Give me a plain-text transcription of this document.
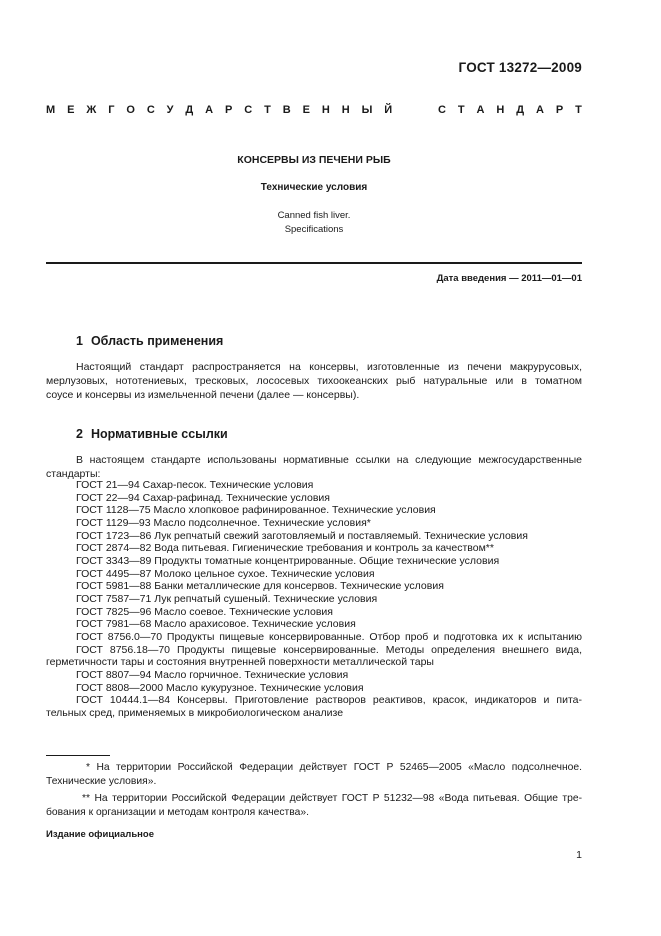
ГОСТ 13272—2009
М Е Ж Г О С У Д А Р С Т В Е Н Н Ы Й	С Т А Н Д А Р Т
КОНСЕРВЫ ИЗ ПЕЧЕНИ РЫБ
Технические условия
Canned fish liver.
Specifications
Дата введения — 2011—01—01
1 Область применения
Настоящий стандарт распространяется на консервы, изготовленные из печени макруpусовых,
мерлузовых, нототениевых, тресковых, лососевых тихоокеанских рыб натуральные или в томатном
соусе и консервы из измельченной печени (далее — консервы).
2 Нормативные ссылки
В настоящем стандарте использованы нормативные ссылки на следующие межгосударственные
стандарты:
ГОСТ 21—94 Сахар-песок. Технические условия
ГОСТ 22—94 Сахар-рафинад. Технические условия
ГОСТ 1128—75 Масло хлопковое рафинированное. Технические условия
ГОСТ 1129—93 Масло подсолнечное. Технические условия*
ГОСТ 1723—86 Лук репчатый свежий заготовляемый и поставляемый. Технические условия
ГОСТ 2874—82 Вода питьевая. Гигиенические требования и контроль за качеством**
ГОСТ 3343—89 Продукты томатные концентрированные. Общие технические условия
ГОСТ 4495—87 Молоко цельное сухое. Технические условия
ГОСТ 5981—88 Банки металлические для консервов. Технические условия
ГОСТ 7587—71 Лук репчатый сушеный. Технические условия
ГОСТ 7825—96 Масло соевое. Технические условия
ГОСТ 7981—68 Масло арахисовое. Технические условия
ГОСТ 8756.0—70 Продукты пищевые консервированные. Отбор проб и подготовка их к испытанию
ГОСТ 8756.18—70 Продукты пищевые консервированные. Методы определения внешнего вида,
герметичности тары и состояния внутренней поверхности металлической тары
ГОСТ 8807—94 Масло горчичное. Технические условия
ГОСТ 8808—2000 Масло кукурузное. Технические условия
ГОСТ 10444.1—84 Консервы. Приготовление растворов реактивов, красок, индикаторов и пита-
тельных сред, применяемых в микробиологическом анализе
* На территории Российской Федерации действует ГОСТ Р 52465—2005 «Масло подсолнечное.
Технические условия».
** На территории Российской Федерации действует ГОСТ Р 51232—98 «Вода питьевая. Общие тре-
бования к организации и методам контроля качества».
Издание официальное
1
